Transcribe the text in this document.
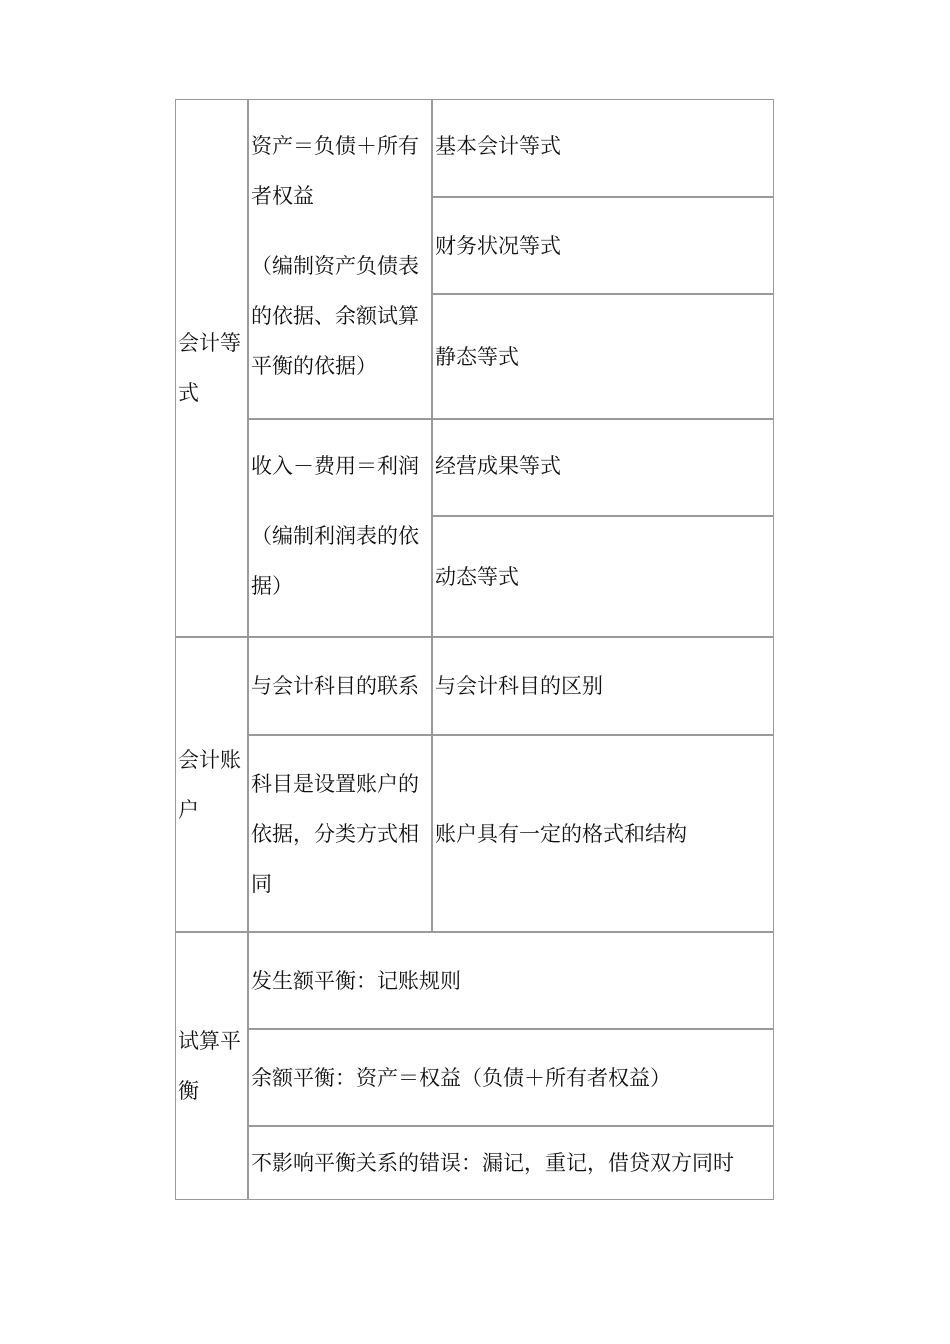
会计等式
资产＝负债＋所有者权益
（编制资产负债表的依据、余额试算平衡的依据）
基本会计等式
财务状况等式
静态等式
收入－费用＝利润
（编制利润表的依据）
经营成果等式
动态等式
会计账户
与会计科目的联系 与会计科目的区别
科目是设置账户的依据，分类方式相同
账户具有一定的格式和结构
试算平衡
发生额平衡：记账规则
余额平衡：资产＝权益（负债＋所有者权益）
不影响平衡关系的错误：漏记，重记，借贷双方同时
